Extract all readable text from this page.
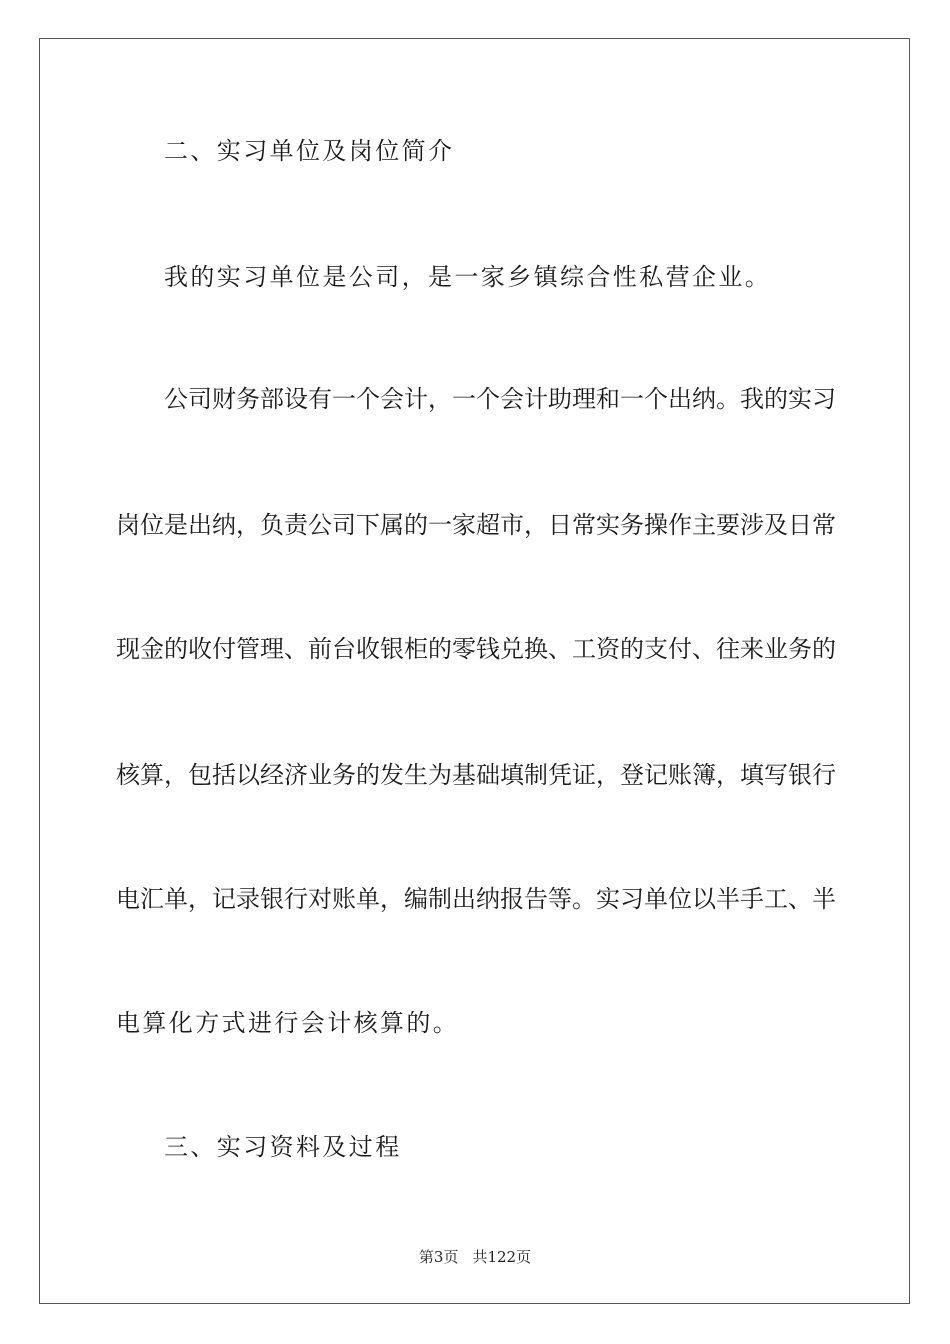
二、实习单位及岗位简介
我的实习单位是公司，是一家乡镇综合性私营企业。
公司财务部设有一个会计，一个会计助理和一个出纳。我的实习
岗位是出纳，负责公司下属的一家超市，日常实务操作主要涉及日常
现金的收付管理、前台收银柜的零钱兑换、工资的支付、往来业务的
核算，包括以经济业务的发生为基础填制凭证，登记账簿，填写银行
电汇单，记录银行对账单，编制出纳报告等。实习单位以半手工、半
电算化方式进行会计核算的。
三、实习资料及过程
第3页 共122页
